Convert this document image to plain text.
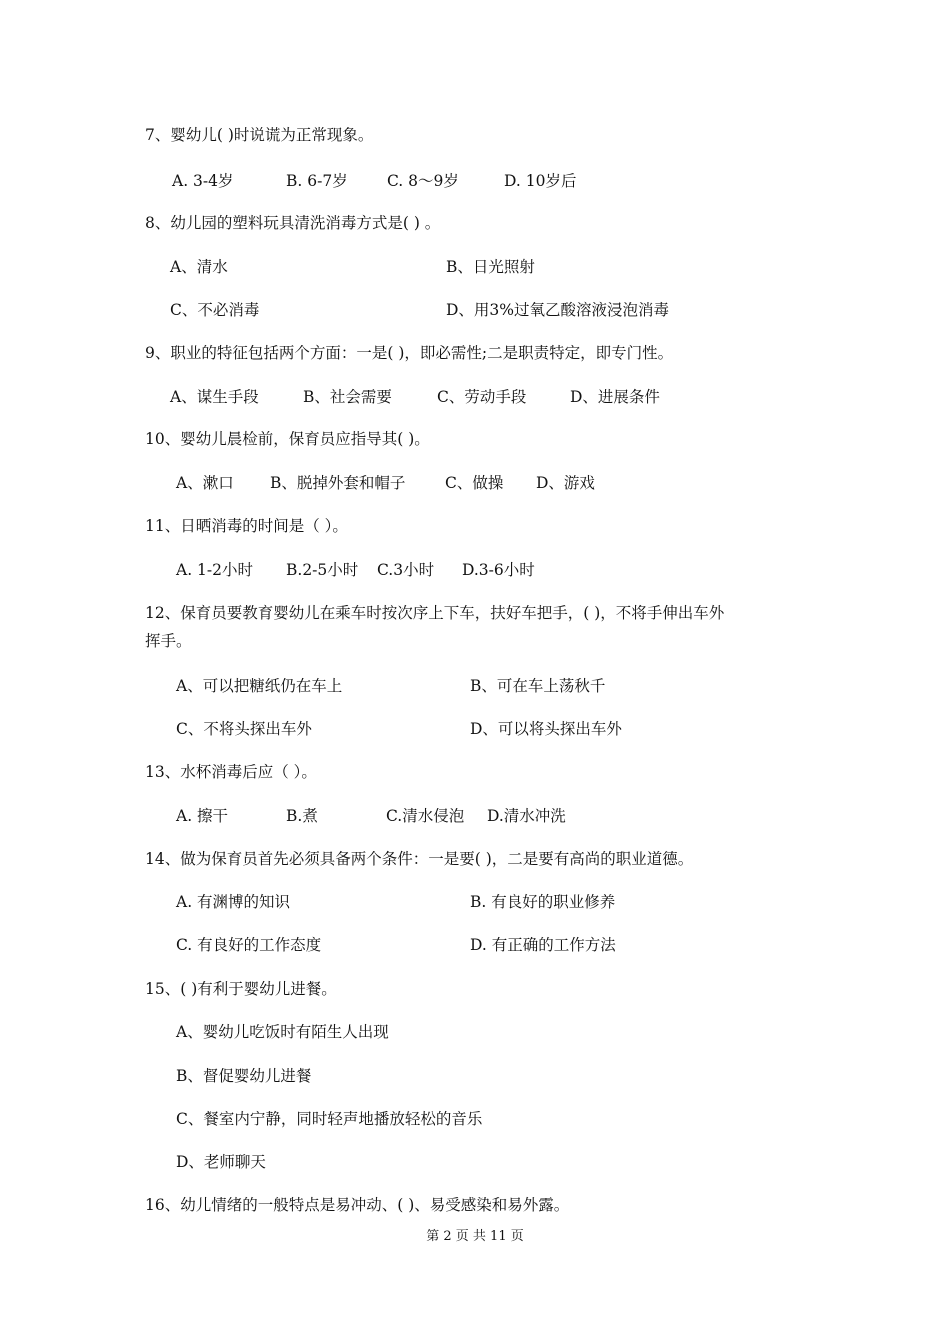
7、婴幼儿( )时说谎为正常现象。
A. 3-4岁	B. 6-7岁	C. 8～9岁	D. 10岁后
8、幼儿园的塑料玩具清洗消毒方式是( ) 。
A、清水	B、日光照射
C、不必消毒	D、用3%过氧乙酸溶液浸泡消毒
9、职业的特征包括两个方面：一是( )，即必需性;二是职责特定，即专门性。
A、谋生手段	B、社会需要	C、劳动手段	D、进展条件
10、婴幼儿晨检前，保育员应指导其( )。
A、漱口 B、脱掉外套和帽子	C、做操 D、游戏
11、日晒消毒的时间是（ ）。
A. 1-2小时 B.2-5小时 C.3小时 D.3-6小时
12、保育员要教育婴幼儿在乘车时按次序上下车，扶好车把手，( )，不将手伸出车外
挥手。
A、可以把糖纸仍在车上	B、可在车上荡秋千
C、不将头探出车外	D、可以将头探出车外
13、水杯消毒后应（ ）。
A. 擦干	B.煮	C.清水侵泡 D.清水冲洗
14、做为保育员首先必须具备两个条件：一是要( )，二是要有高尚的职业道德。
A. 有渊博的知识	B. 有良好的职业修养
C. 有良好的工作态度	D. 有正确的工作方法
15、( )有利于婴幼儿进餐。
A、婴幼儿吃饭时有陌生人出现
B、督促婴幼儿进餐
C、餐室内宁静，同时轻声地播放轻松的音乐
D、老师聊天
16、幼儿情绪的一般特点是易冲动、( )、易受感染和易外露。
第 2 页 共 11 页
